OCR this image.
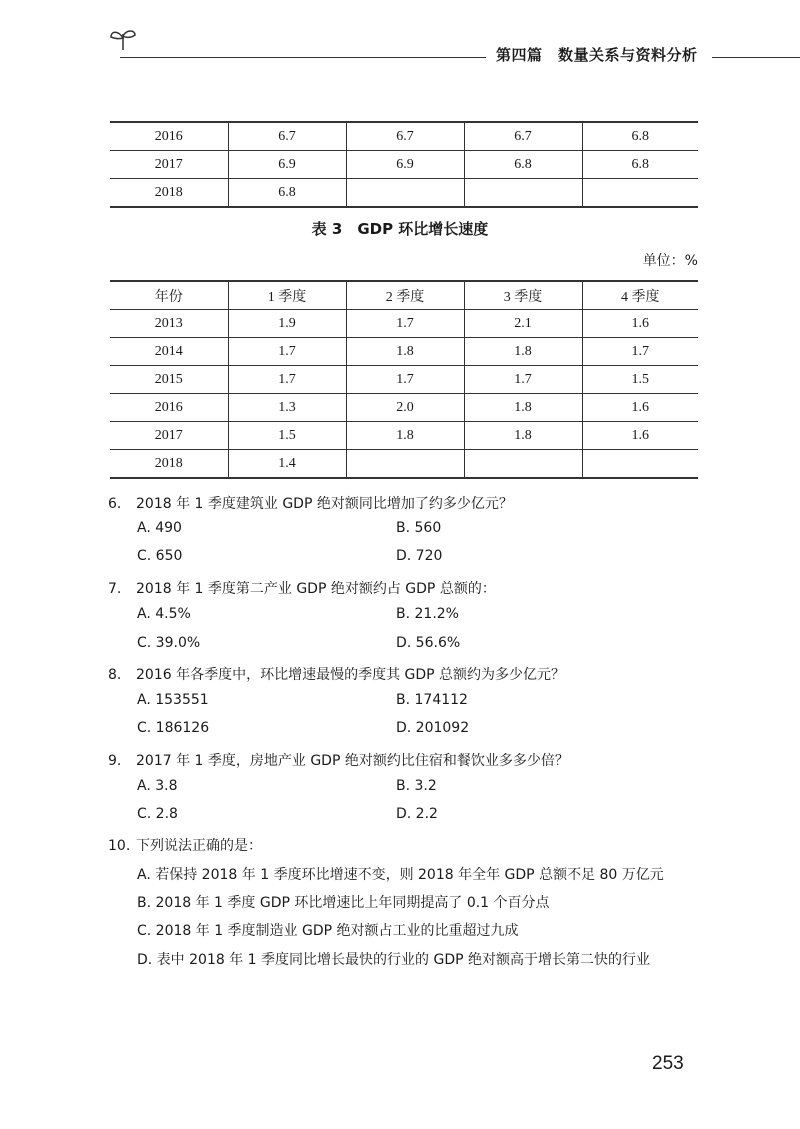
第四篇　数量关系与资料分析
2016	6.7	6.7	6.7	6.8
2017	6.9	6.9	6.8	6.8
2018	6.8			
表 3　GDP 环比增长速度
单位：%
年份	1 季度	2 季度	3 季度	4 季度
2013	1.9	1.7	2.1	1.6
2014	1.7	1.8	1.8	1.7
2015	1.7	1.7	1.7	1.5
2016	1.3	2.0	1.8	1.6
2017	1.5	1.8	1.8	1.6
2018	1.4			
6. 2018 年 1 季度建筑业 GDP 绝对额同比增加了约多少亿元？
A. 490	B. 560
C. 650	D. 720
7. 2018 年 1 季度第二产业 GDP 绝对额约占 GDP 总额的：
A. 4.5%	B. 21.2%
C. 39.0%	D. 56.6%
8. 2016 年各季度中，环比增速最慢的季度其 GDP 总额约为多少亿元？
A. 153551	B. 174112
C. 186126	D. 201092
9. 2017 年 1 季度，房地产业 GDP 绝对额约比住宿和餐饮业多多少倍？
A. 3.8	B. 3.2
C. 2.8	D. 2.2
10. 下列说法正确的是：
A. 若保持 2018 年 1 季度环比增速不变，则 2018 年全年 GDP 总额不足 80 万亿元
B. 2018 年 1 季度 GDP 环比增速比上年同期提高了 0.1 个百分点
C. 2018 年 1 季度制造业 GDP 绝对额占工业的比重超过九成
D. 表中 2018 年 1 季度同比增长最快的行业的 GDP 绝对额高于增长第二快的行业
253
